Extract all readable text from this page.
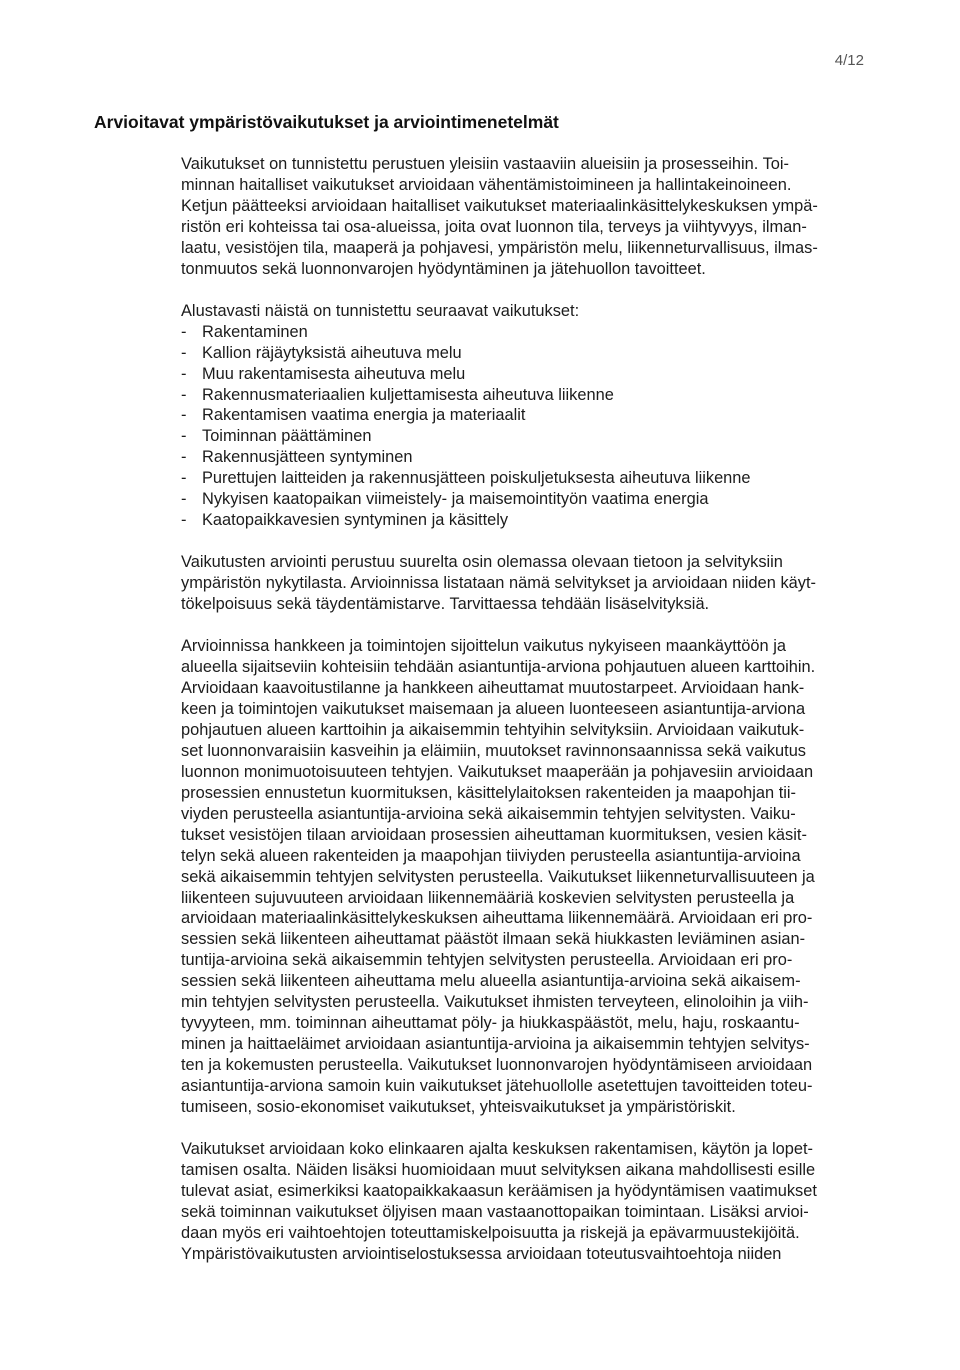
4/12
Arvioitavat ympäristövaikutukset ja arviointimenetelmät

Vaikutukset on tunnistettu perustuen yleisiin vastaaviin alueisiin ja prosesseihin. Toi-
minnan haitalliset vaikutukset arvioidaan vähentämistoimineen ja hallintakeinoineen.
Ketjun päätteeksi arvioidaan haitalliset vaikutukset materiaalinkäsittelykeskuksen ympä-
ristön eri kohteissa tai osa-alueissa, joita ovat luonnon tila, terveys ja viihtyvyys, ilman-
laatu, vesistöjen tila, maaperä ja pohjavesi, ympäristön melu, liikenneturvallisuus, ilmas-
tonmuutos sekä luonnonvarojen hyödyntäminen ja jätehuollon tavoitteet.

Alustavasti näistä on tunnistettu seuraavat vaikutukset:

- Rakentaminen
- Kallion räjäytyksistä aiheutuva melu
- Muu rakentamisesta aiheutuva melu
- Rakennusmateriaalien kuljettamisesta aiheutuva liikenne
- Rakentamisen vaatima energia ja materiaalit
- Toiminnan päättäminen
- Rakennusjätteen syntyminen
- Purettujen laitteiden ja rakennusjätteen poiskuljetuksesta aiheutuva liikenne
- Nykyisen kaatopaikan viimeistely- ja maisemointityön vaatima energia
- Kaatopaikkavesien syntyminen ja käsittely

Vaikutusten arviointi perustuu suurelta osin olemassa olevaan tietoon ja selvityksiin
ympäristön nykytilasta. Arvioinnissa listataan nämä selvitykset ja arvioidaan niiden käyt-
tökelpoisuus sekä täydentämistarve. Tarvittaessa tehdään lisäselvityksiä.

Arvioinnissa hankkeen ja toimintojen sijoittelun vaikutus nykyiseen maankäyttöön ja
alueella sijaitseviin kohteisiin tehdään asiantuntija-arviona pohjautuen alueen karttoihin.
Arvioidaan kaavoitustilanne ja hankkeen aiheuttamat muutostarpeet. Arvioidaan hank-
keen ja toimintojen vaikutukset maisemaan ja alueen luonteeseen asiantuntija-arviona
pohjautuen alueen karttoihin ja aikaisemmin tehtyihin selvityksiin. Arvioidaan vaikutuk-
set luonnonvaraisiin kasveihin ja eläimiin, muutokset ravinnonsaannissa sekä vaikutus
luonnon monimuotoisuuteen tehtyjen. Vaikutukset maaperään ja pohjavesiin arvioidaan
prosessien ennustetun kuormituksen, käsittelylaitoksen rakenteiden ja maapohjan tii-
viyden perusteella asiantuntija-arvioina sekä aikaisemmin tehtyjen selvitysten. Vaiku-
tukset vesistöjen tilaan arvioidaan prosessien aiheuttaman kuormituksen, vesien käsit-
telyn sekä alueen rakenteiden ja maapohjan tiiviyden perusteella asiantuntija-arvioina
sekä aikaisemmin tehtyjen selvitysten perusteella. Vaikutukset liikenneturvallisuuteen ja
liikenteen sujuvuuteen arvioidaan liikennemääriä koskevien selvitysten perusteella ja
arvioidaan materiaalinkäsittelykeskuksen aiheuttama liikennemäärä. Arvioidaan eri pro-
sessien sekä liikenteen aiheuttamat päästöt ilmaan sekä hiukkasten leviäminen asian-
tuntija-arvioina sekä aikaisemmin tehtyjen selvitysten perusteella. Arvioidaan eri pro-
sessien sekä liikenteen aiheuttama melu alueella asiantuntija-arvioina sekä aikaisem-
min tehtyjen selvitysten perusteella. Vaikutukset ihmisten terveyteen, elinoloihin ja viih-
tyvyyteen, mm. toiminnan aiheuttamat pöly- ja hiukkaspäästöt, melu, haju, roskaantu-
minen ja haittaeläimet arvioidaan asiantuntija-arvioina ja aikaisemmin tehtyjen selvitys-
ten ja kokemusten perusteella. Vaikutukset luonnonvarojen hyödyntämiseen arvioidaan
asiantuntija-arviona samoin kuin vaikutukset jätehuollolle asetettujen tavoitteiden toteu-
tumiseen, sosio-ekonomiset vaikutukset, yhteisvaikutukset ja ympäristöriskit.

Vaikutukset arvioidaan koko elinkaaren ajalta keskuksen rakentamisen, käytön ja lopet-
tamisen osalta. Näiden lisäksi huomioidaan muut selvityksen aikana mahdollisesti esille
tulevat asiat, esimerkiksi kaatopaikkakaasun keräämisen ja hyödyntämisen vaatimukset
sekä toiminnan vaikutukset öljyisen maan vastaanottopaikan toimintaan. Lisäksi arvioi-
daan myös eri vaihtoehtojen toteuttamiskelpoisuutta ja riskejä ja epävarmuustekijöitä.
Ympäristövaikutusten arviointiselostuksessa arvioidaan toteutusvaihtoehtoja niiden
